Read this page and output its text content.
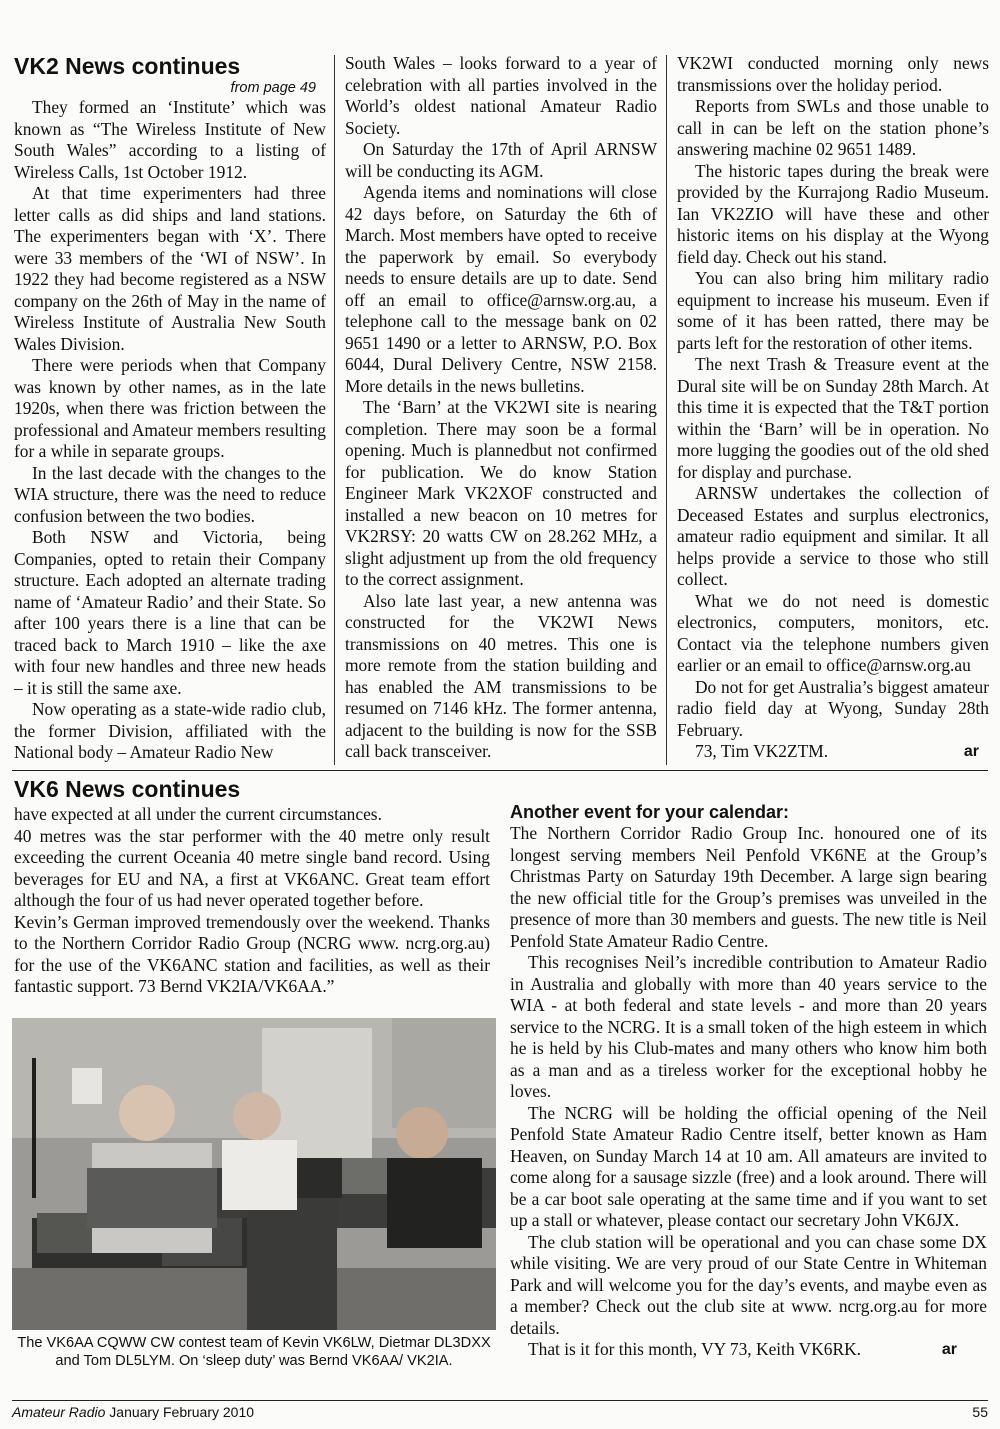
VK2 News continues
from page 49

They formed an ‘Institute’ which was known as “The Wireless Institute of New South Wales” according to a listing of Wireless Calls, 1st October 1912.

At that time experimenters had three letter calls as did ships and land stations. The experimenters began with ‘X’. There were 33 members of the ‘WI of NSW’. In 1922 they had become registered as a NSW company on the 26th of May in the name of Wireless Institute of Australia New South Wales Division.

There were periods when that Company was known by other names, as in the late 1920s, when there was friction between the professional and Amateur members resulting for a while in separate groups.

In the last decade with the changes to the WIA structure, there was the need to reduce confusion between the two bodies.

Both NSW and Victoria, being Companies, opted to retain their Company structure. Each adopted an alternate trading name of ‘Amateur Radio’ and their State. So after 100 years there is a line that can be traced back to March 1910 – like the axe with four new handles and three new heads – it is still the same axe.

Now operating as a state-wide radio club, the former Division, affiliated with the National body – Amateur Radio New

South Wales – looks forward to a year of celebration with all parties involved in the World’s oldest national Amateur Radio Society.

On Saturday the 17th of April ARNSW will be conducting its AGM.

Agenda items and nominations will close 42 days before, on Saturday the 6th of March. Most members have opted to receive the paperwork by email. So everybody needs to ensure details are up to date. Send off an email to office@arnsw.org.au, a telephone call to the message bank on 02 9651 1490 or a letter to ARNSW, P.O. Box 6044, Dural Delivery Centre, NSW 2158. More details in the news bulletins.

The ‘Barn’ at the VK2WI site is nearing completion. There may soon be a formal opening. Much is plannedbut not confirmed for publication. We do know Station Engineer Mark VK2XOF constructed and installed a new beacon on 10 metres for VK2RSY: 20 watts CW on 28.262 MHz, a slight adjustment up from the old frequency to the correct assignment.

Also late last year, a new antenna was constructed for the VK2WI News transmissions on 40 metres. This one is more remote from the station building and has enabled the AM transmissions to be resumed on 7146 kHz. The former antenna, adjacent to the building is now for the SSB call back transceiver.

VK2WI conducted morning only news transmissions over the holiday period.

Reports from SWLs and those unable to call in can be left on the station phone’s answering machine 02 9651 1489.

The historic tapes during the break were provided by the Kurrajong Radio Museum. Ian VK2ZIO will have these and other historic items on his display at the Wyong field day. Check out his stand.

You can also bring him military radio equipment to increase his museum. Even if some of it has been ratted, there may be parts left for the restoration of other items.

The next Trash & Treasure event at the Dural site will be on Sunday 28th March. At this time it is expected that the T&T portion within the ‘Barn’ will be in operation. No more lugging the goodies out of the old shed for display and purchase.

ARNSW undertakes the collection of Deceased Estates and surplus electronics, amateur radio equipment and similar. It all helps provide a service to those who still collect.

What we do not need is domestic electronics, computers, monitors, etc. Contact via the telephone numbers given earlier or an email to office@arnsw.org.au

Do not for get Australia’s biggest amateur radio field day at Wyong, Sunday 28th February.

73, Tim VK2ZTM.	ar

VK6 News continues

have expected at all under the current circumstances.

40 metres was the star performer with the 40 metre only result exceeding the current Oceania 40 metre single band record. Using beverages for EU and NA, a first at VK6ANC. Great team effort although the four of us had never operated together before.

Kevin’s German improved tremendously over the weekend. Thanks to the Northern Corridor Radio Group (NCRG www. ncrg.org.au) for the use of the VK6ANC station and facilities, as well as their fantastic support. 73 Bernd VK2IA/VK6AA.”

The VK6AA CQWW CW contest team of Kevin VK6LW, Dietmar DL3DXX and Tom DL5LYM. On ‘sleep duty’ was Bernd VK6AA/ VK2IA.

Another event for your calendar:

The Northern Corridor Radio Group Inc. honoured one of its longest serving members Neil Penfold VK6NE at the Group’s Christmas Party on Saturday 19th December. A large sign bearing the new official title for the Group’s premises was unveiled in the presence of more than 30 members and guests. The new title is Neil Penfold State Amateur Radio Centre.

This recognises Neil’s incredible contribution to Amateur Radio in Australia and globally with more than 40 years service to the WIA - at both federal and state levels - and more than 20 years service to the NCRG. It is a small token of the high esteem in which he is held by his Club-mates and many others who know him both as a man and as a tireless worker for the exceptional hobby he loves.

The NCRG will be holding the official opening of the Neil Penfold State Amateur Radio Centre itself, better known as Ham Heaven, on Sunday March 14 at 10 am. All amateurs are invited to come along for a sausage sizzle (free) and a look around. There will be a car boot sale operating at the same time and if you want to set up a stall or whatever, please contact our secretary John VK6JX.

The club station will be operational and you can chase some DX while visiting. We are very proud of our State Centre in Whiteman Park and will welcome you for the day’s events, and maybe even as a member? Check out the club site at www. ncrg.org.au for more details.

That is it for this month, VY 73, Keith VK6RK.	ar

Amateur Radio January February 2010	55
